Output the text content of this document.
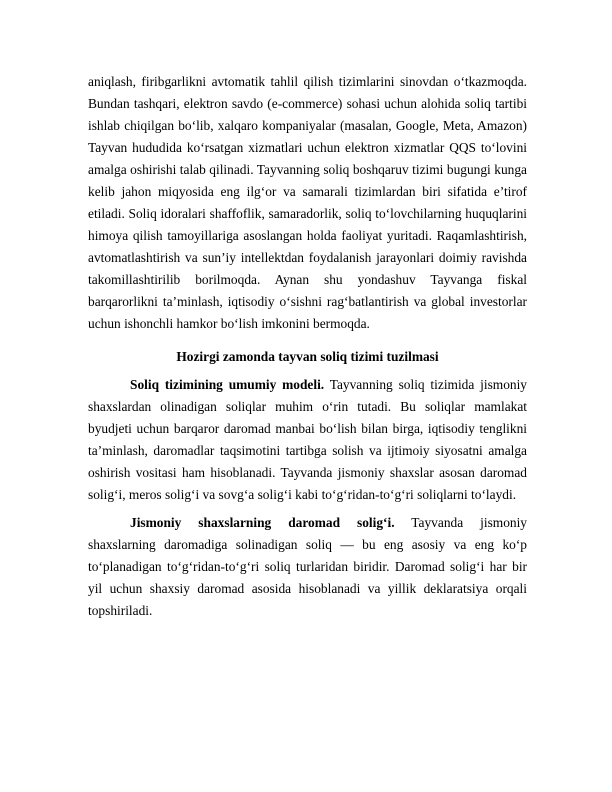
aniqlash, firibgarlikni avtomatik tahlil qilish tizimlarini sinovdan o‘tkazmoqda. Bundan tashqari, elektron savdo (e-commerce) sohasi uchun alohida soliq tartibi ishlab chiqilgan bo‘lib, xalqaro kompaniyalar (masalan, Google, Meta, Amazon) Tayvan hududida ko‘rsatgan xizmatlari uchun elektron xizmatlar QQS to‘lovini amalga oshirishi talab qilinadi. Tayvanning soliq boshqaruv tizimi bugungi kunga kelib jahon miqyosida eng ilg‘or va samarali tizimlardan biri sifatida e’tirof etiladi. Soliq idoralari shaffoflik, samaradorlik, soliq to‘lovchilarning huquqlarini himoya qilish tamoyillariga asoslangan holda faoliyat yuritadi. Raqamlashtirish, avtomatlashtirish va sun’iy intellektdan foydalanish jarayonlari doimiy ravishda takomillashtirilib borilmoqda. Aynan shu yondashuv Tayvanga fiskal barqarorlikni ta’minlash, iqtisodiy o‘sishni rag‘batlantirish va global investorlar uchun ishonchli hamkor bo‘lish imkonini bermoqda.

Hozirgi zamonda tayvan soliq tizimi tuzilmasi

Soliq tizimining umumiy modeli. Tayvanning soliq tizimida jismoniy shaxslardan olinadigan soliqlar muhim o‘rin tutadi. Bu soliqlar mamlakat byudjeti uchun barqaror daromad manbai bo‘lish bilan birga, iqtisodiy tenglikni ta’minlash, daromadlar taqsimotini tartibga solish va ijtimoiy siyosatni amalga oshirish vositasi ham hisoblanadi. Tayvanda jismoniy shaxslar asosan daromad solig‘i, meros solig‘i va sovg‘a solig‘i kabi to‘g‘ridan-to‘g‘ri soliqlarni to‘laydi.

Jismoniy shaxslarning daromad solig‘i. Tayvanda jismoniy shaxslarning daromadiga solinadigan soliq — bu eng asosiy va eng ko‘p to‘planadigan to‘g‘ridan-to‘g‘ri soliq turlaridan biridir. Daromad solig‘i har bir yil uchun shaxsiy daromad asosida hisoblanadi va yillik deklaratsiya orqali topshiriladi.
